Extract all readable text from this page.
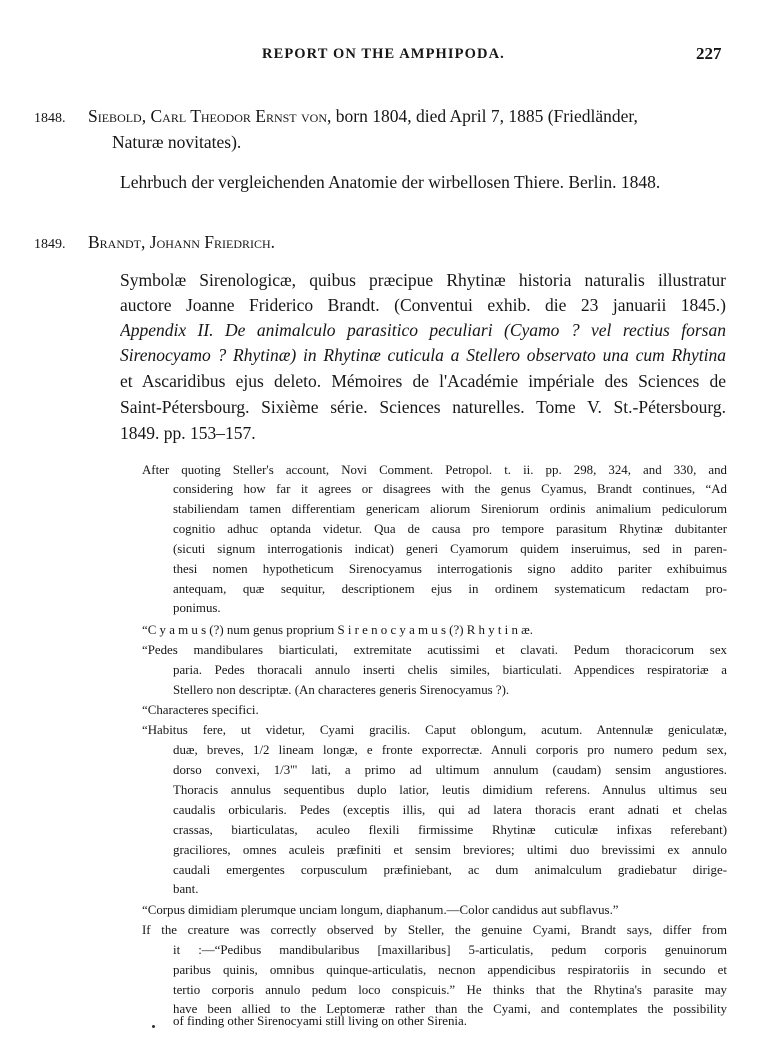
REPORT ON THE AMPHIPODA.	227
1848. Siebold, Carl Theodor Ernst von, born 1804, died April 7, 1885 (Friedländer,
Naturæ novitates).
Lehrbuch der vergleichenden Anatomie der wirbellosen Thiere. Berlin. 1848.
1849. Brandt, Johann Friedrich.
Symbolæ Sirenologicæ, quibus præcipue Rhytinæ historia naturalis illustratur
auctore Joanne Friderico Brandt. (Conventui exhib. die 23 januarii 1845.)
Appendix II. De animalculo parasitico peculiari (Cyamo ? vel rectius forsan
Sirenocyamo ? Rhytinæ) in Rhytinæ cuticula a Stellero observato una cum Rhytina
et Ascaridibus ejus deleto. Mémoires de l'Académie impériale des Sciences de
Saint-Pétersbourg. Sixième série. Sciences naturelles. Tome V. St.-Pétersbourg.
1849. pp. 153–157.
After quoting Steller's account, Novi Comment. Petropol. t. ii. pp. 298, 324, and 330, and
considering how far it agrees or disagrees with the genus Cyamus, Brandt continues, “Ad
stabiliendam tamen differentiam genericam aliorum Sireniorum ordinis animalium pediculorum
cognitio adhuc optanda videtur. Qua de causa pro tempore parasitum Rhytinæ dubitanter
(sicuti signum interrogationis indicat) generi Cyamorum quidem inseruimus, sed in paren-
thesi nomen hypotheticum Sirenocyamus interrogationis signo addito pariter exhibuimus
antequam, quæ sequitur, descriptionem ejus in ordinem systematicum redactam pro-
ponimus.
“C y a m u s (?) num genus proprium S i r e n o c y a m u s (?) R h y t i n æ.
“Pedes mandibulares biarticulati, extremitate acutissimi et clavati. Pedum thoracicorum sex
paria. Pedes thoracali annulo inserti chelis similes, biarticulati. Appendices respiratoriæ a
Stellero non descriptæ. (An characteres generis Sirenocyamus ?).
“Characteres specifici.
“Habitus fere, ut videtur, Cyami gracilis. Caput oblongum, acutum. Antennulæ geniculatæ,
duæ, breves, 1/2 lineam longæ, e fronte exporrectæ. Annuli corporis pro numero pedum sex,
dorso convexi, 1/3''' lati, a primo ad ultimum annulum (caudam) sensim angustiores.
Thoracis annulus sequentibus duplo latior, leutis dimidium referens. Annulus ultimus seu
caudalis orbicularis. Pedes (exceptis illis, qui ad latera thoracis erant adnati et chelas
crassas, biarticulatas, aculeo flexili firmissime Rhytinæ cuticulæ infixas referebant)
graciliores, omnes aculeis præfiniti et sensim breviores; ultimi duo brevissimi ex annulo
caudali emergentes corpusculum præfiniebant, ac dum animalculum gradiebatur dirige-
bant.
“Corpus dimidiam plerumque unciam longum, diaphanum.—Color candidus aut subflavus.”
If the creature was correctly observed by Steller, the genuine Cyami, Brandt says, differ from
it :—“Pedibus mandibularibus [maxillaribus] 5-articulatis, pedum corporis genuinorum
paribus quinis, omnibus quinque-articulatis, necnon appendicibus respiratoriis in secundo et
tertio corporis annulo pedum loco conspicuis.” He thinks that the Rhytina's parasite may
have been allied to the Leptomeræ rather than the Cyami, and contemplates the possibility
of finding other Sirenocyami still living on other Sirenia.
